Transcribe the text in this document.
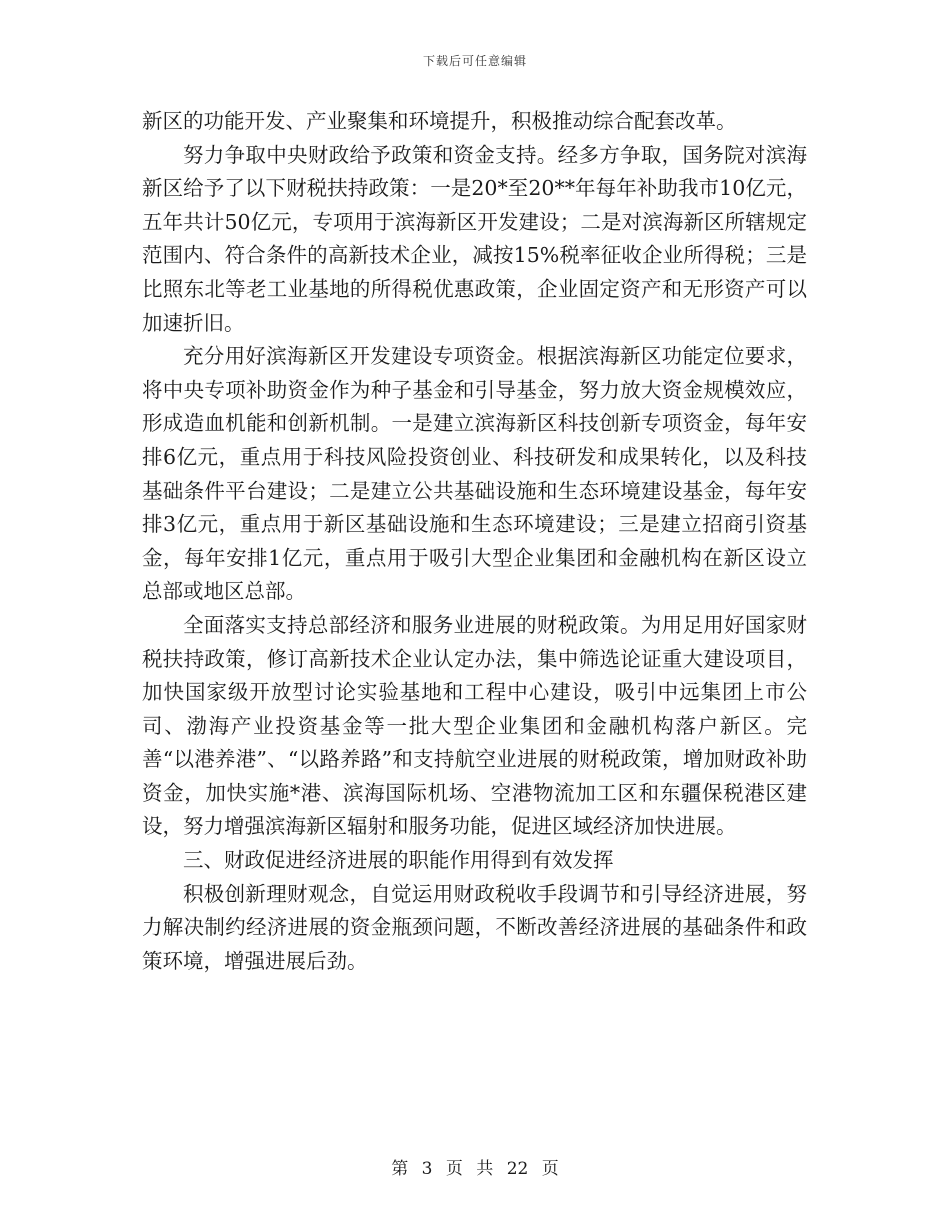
下载后可任意编辑

新区的功能开发、产业聚集和环境提升，积极推动综合配套改革。

努力争取中央财政给予政策和资金支持。经多方争取，国务院对滨海新区给予了以下财税扶持政策：一是20*至20**年每年补助我市10亿元，五年共计50亿元，专项用于滨海新区开发建设；二是对滨海新区所辖规定范围内、符合条件的高新技术企业，减按15%税率征收企业所得税；三是比照东北等老工业基地的所得税优惠政策，企业固定资产和无形资产可以加速折旧。

充分用好滨海新区开发建设专项资金。根据滨海新区功能定位要求，将中央专项补助资金作为种子基金和引导基金，努力放大资金规模效应，形成造血机能和创新机制。一是建立滨海新区科技创新专项资金，每年安排6亿元，重点用于科技风险投资创业、科技研发和成果转化，以及科技基础条件平台建设；二是建立公共基础设施和生态环境建设基金，每年安排3亿元，重点用于新区基础设施和生态环境建设；三是建立招商引资基金，每年安排1亿元，重点用于吸引大型企业集团和金融机构在新区设立总部或地区总部。

全面落实支持总部经济和服务业进展的财税政策。为用足用好国家财税扶持政策，修订高新技术企业认定办法，集中筛选论证重大建设项目，加快国家级开放型讨论实验基地和工程中心建设，吸引中远集团上市公司、渤海产业投资基金等一批大型企业集团和金融机构落户新区。完善“以港养港”、“以路养路”和支持航空业进展的财税政策，增加财政补助资金，加快实施*港、滨海国际机场、空港物流加工区和东疆保税港区建设，努力增强滨海新区辐射和服务功能，促进区域经济加快进展。

三、财政促进经济进展的职能作用得到有效发挥

积极创新理财观念，自觉运用财政税收手段调节和引导经济进展，努力解决制约经济进展的资金瓶颈问题，不断改善经济进展的基础条件和政策环境，增强进展后劲。

第 3 页 共 22 页
